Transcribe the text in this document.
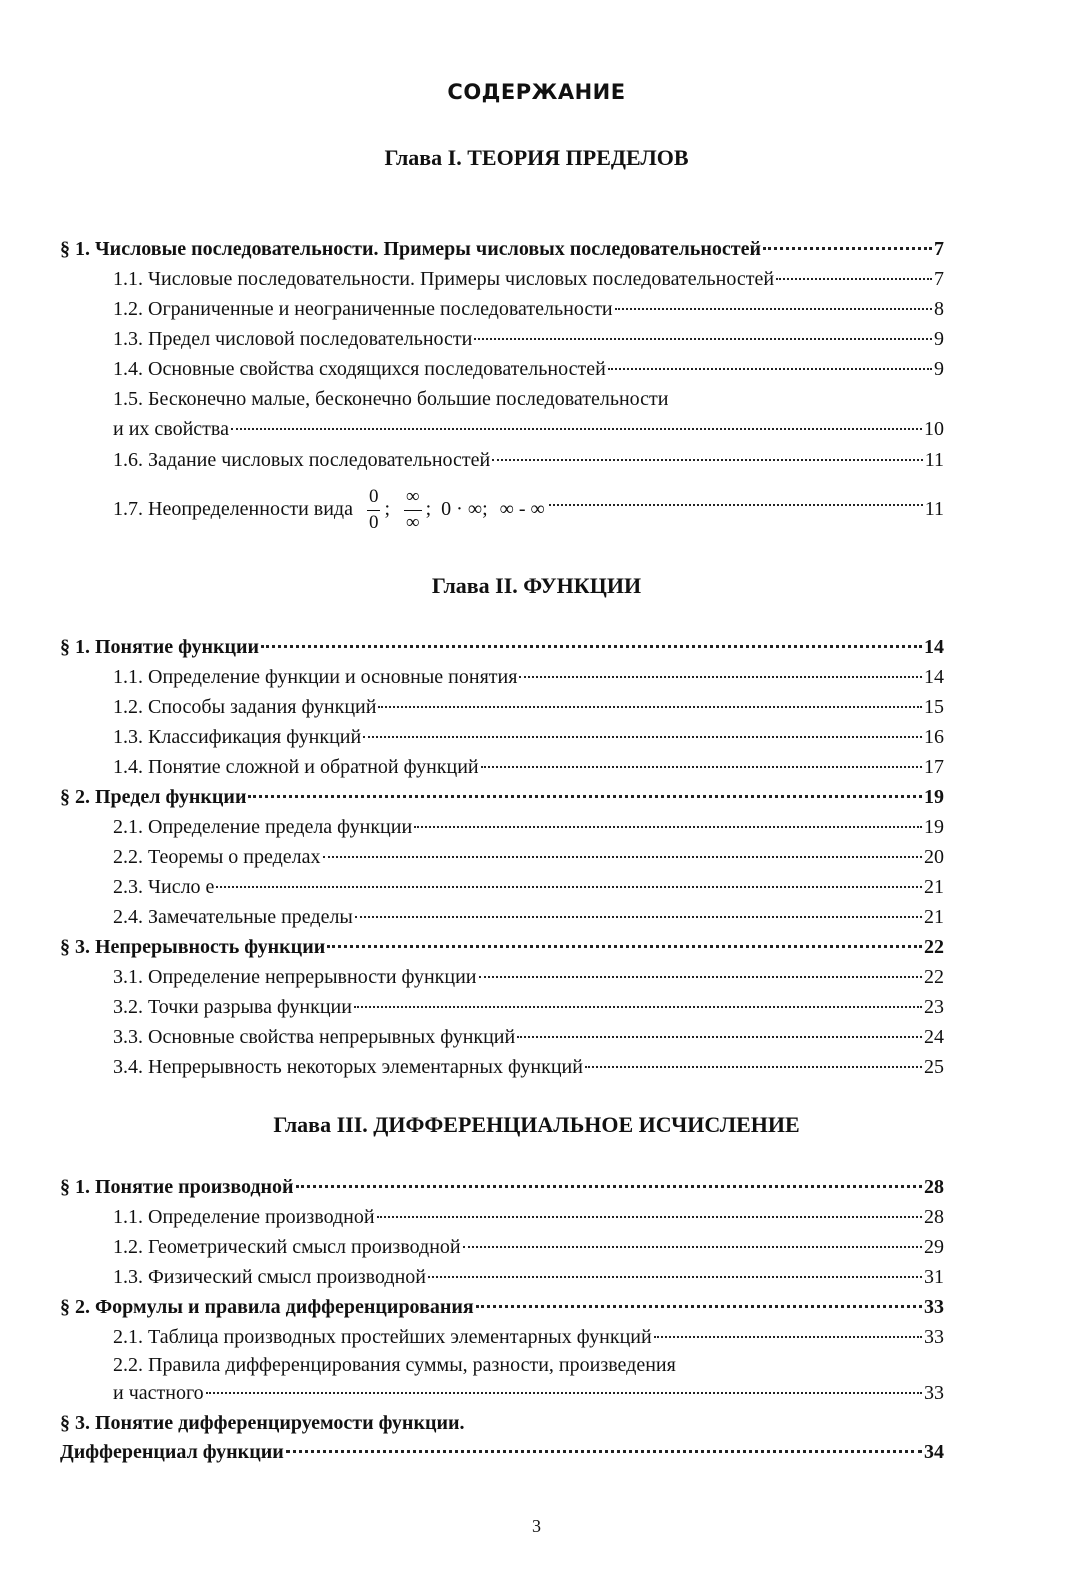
СОДЕРЖАНИЕ
Глава I. ТЕОРИЯ ПРЕДЕЛОВ
§ 1. Числовые последовательности. Примеры числовых последовательностей	7
1.1. Числовые последовательности. Примеры числовых последовательностей	7
1.2. Ограниченные и неограниченные последовательности	8
1.3. Предел числовой последовательности	9
1.4. Основные свойства сходящихся последовательностей	9
1.5. Бесконечно малые, бесконечно большие последовательности
и их свойства	10
1.6. Задание числовых последовательностей	11
1.7. Неопределенности вида $\frac{0}{0}$ ; $\frac{\infty}{\infty}$ ; 0 · ∞; ∞ - ∞	11
Глава II. ФУНКЦИИ
§ 1. Понятие функции	14
1.1. Определение функции и основные понятия	14
1.2. Способы задания функций	15
1.3. Классификация функций	16
1.4. Понятие сложной и обратной функций	17
§ 2. Предел функции	19
2.1. Определение предела функции	19
2.2. Теоремы о пределах	20
2.3. Число e	21
2.4. Замечательные пределы	21
§ 3. Непрерывность функции	22
3.1. Определение непрерывности функции	22
3.2. Точки разрыва функции	23
3.3. Основные свойства непрерывных функций	24
3.4. Непрерывность некоторых элементарных функций	25
Глава III. ДИФФЕРЕНЦИАЛЬНОЕ ИСЧИСЛЕНИЕ
§ 1. Понятие производной	28
1.1. Определение производной	28
1.2. Геометрический смысл производной	29
1.3. Физический смысл производной	31
§ 2. Формулы и правила дифференцирования	33
2.1. Таблица производных простейших элементарных функций	33
2.2. Правила дифференцирования суммы, разности, произведения
и частного	33
§ 3. Понятие дифференцируемости функции.
Дифференциал функции	34
3
